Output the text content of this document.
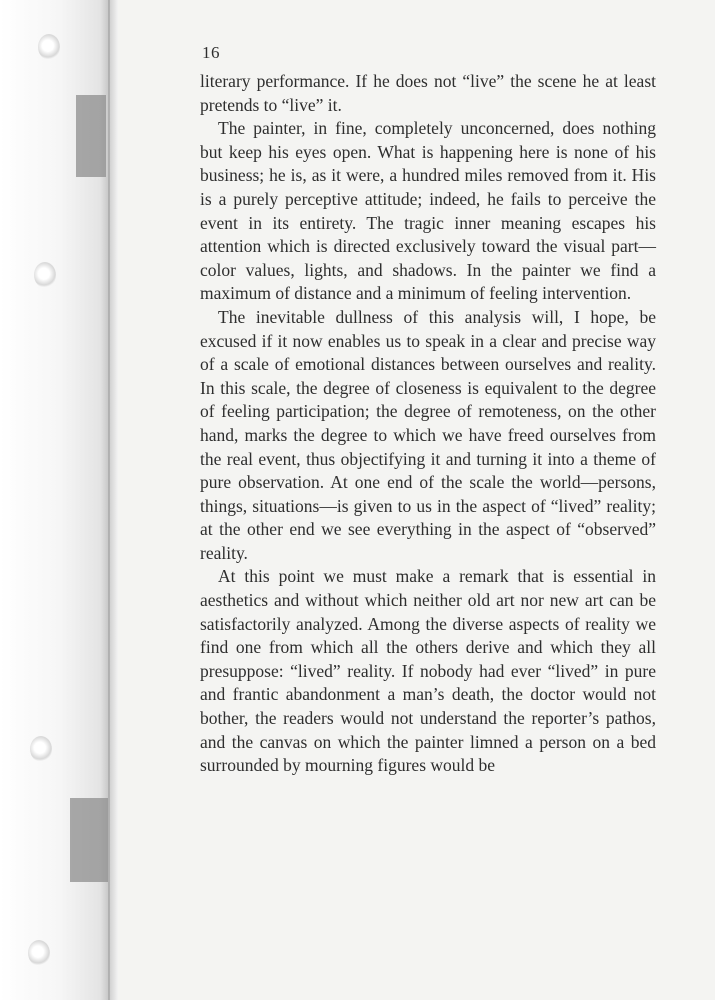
16

literary performance. If he does not “live” the scene he at least pretends to “live” it.

The painter, in fine, completely unconcerned, does nothing but keep his eyes open. What is happening here is none of his business; he is, as it were, a hundred miles removed from it. His is a purely perceptive attitude; indeed, he fails to perceive the event in its entirety. The tragic inner meaning escapes his attention which is directed exclusively toward the visual part—color values, lights, and shadows. In the painter we find a maximum of distance and a minimum of feeling intervention.

The inevitable dullness of this analysis will, I hope, be excused if it now enables us to speak in a clear and precise way of a scale of emotional distances between ourselves and reality. In this scale, the degree of closeness is equivalent to the degree of feeling participation; the degree of remoteness, on the other hand, marks the degree to which we have freed ourselves from the real event, thus objectifying it and turning it into a theme of pure observation. At one end of the scale the world—persons, things, situations—is given to us in the aspect of “lived” reality; at the other end we see everything in the aspect of “observed” reality.

At this point we must make a remark that is essential in aesthetics and without which neither old art nor new art can be satisfactorily analyzed. Among the diverse aspects of reality we find one from which all the others derive and which they all presuppose: “lived” reality. If nobody had ever “lived” in pure and frantic abandonment a man’s death, the doctor would not bother, the readers would not understand the reporter’s pathos, and the canvas on which the painter limned a person on a bed surrounded by mourning figures would be
